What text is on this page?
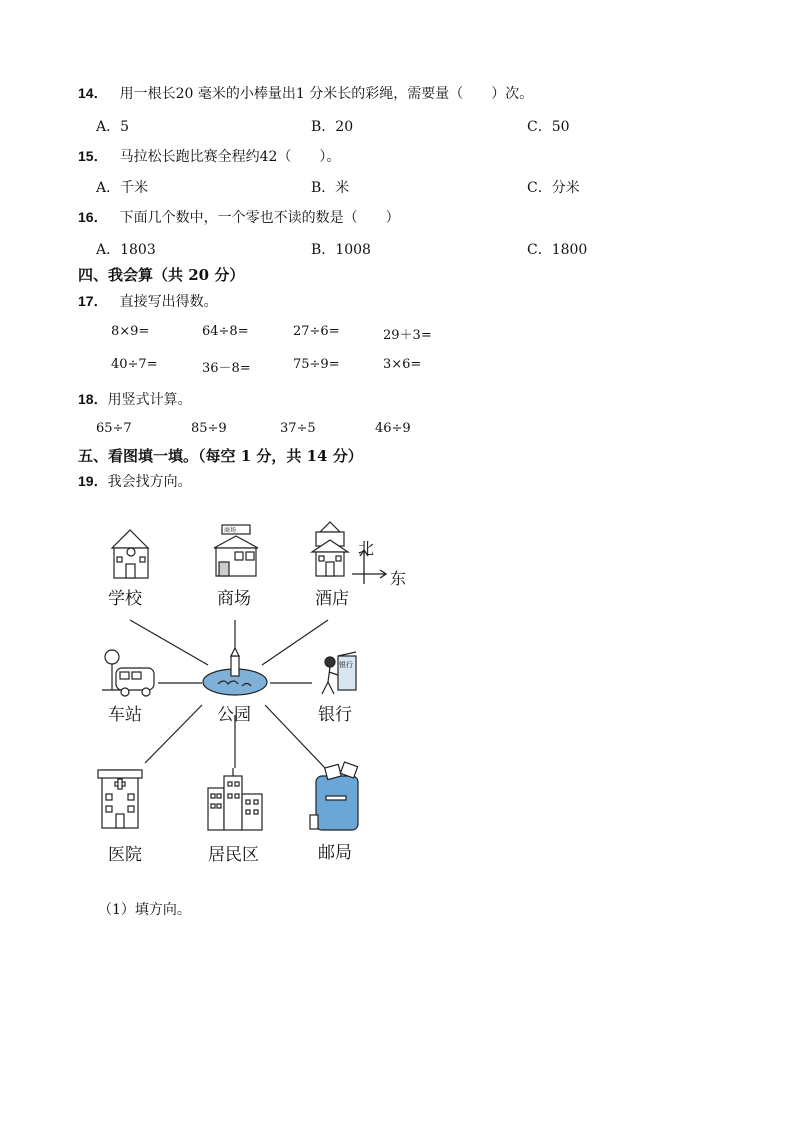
14． 用一根长20 毫米的小棒量出1 分米长的彩绳，需要量（　　）次。
A．5	B．20	C．50
15． 马拉松长跑比赛全程约42（　　）。
A．千米	B．米	C．分米
16． 下面几个数中，一个零也不读的数是（　　）
A．1803	B．1008	C．1800
四、我会算（共 20 分）
17． 直接写出得数。
8×9=	64÷8=	27÷6=	29＋3=
40÷7=	36－8=	75÷9=	3×6=
18．用竖式计算。
65÷7	85÷9	37÷5	46÷9
五、看图填一填。（每空 1 分，共 14 分）
19．我会找方向。
学校	商场	酒店
北
东
商场
银行
车站	公园	银行
医院	居民区	邮局
（1）填方向。
